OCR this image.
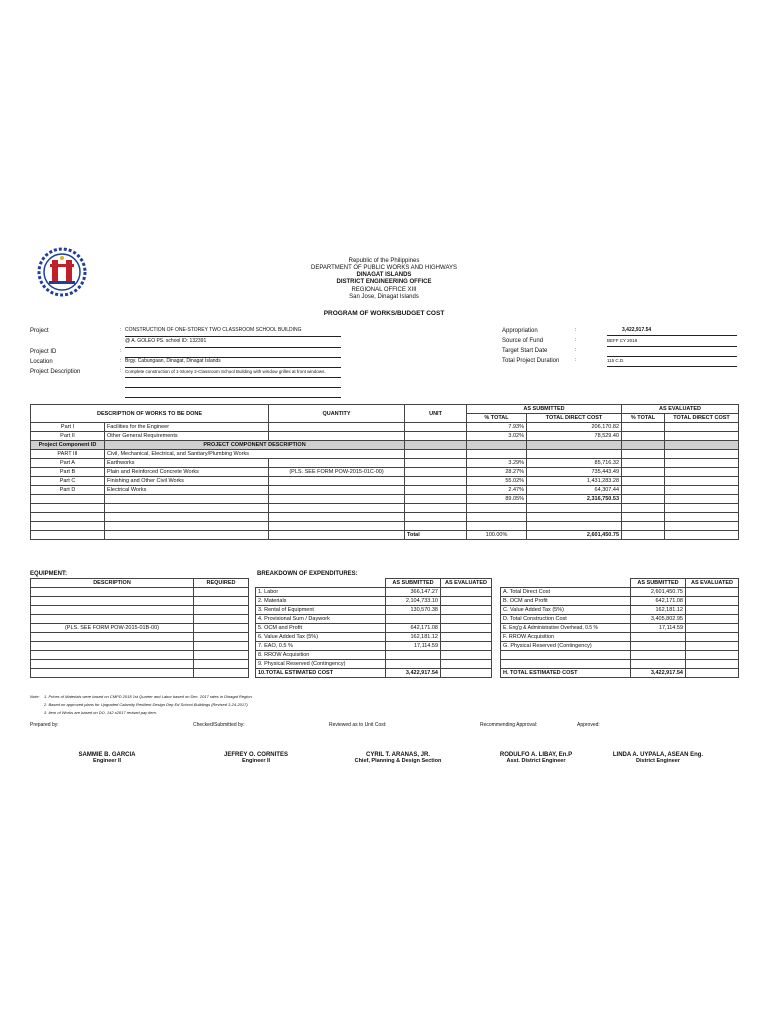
Republic of the Philippines
DEPARTMENT OF PUBLIC WORKS AND HIGHWAYS
DINAGAT ISLANDS
DISTRICT ENGINEERING OFFICE
REGIONAL OFFICE XIII
San Jose, Dinagat Islands
PROGRAM OF WORKS/BUDGET COST
Project	: CONSTRUCTION OF ONE-STOREY TWO CLASSROOM SCHOOL BUILDING
@ A. GOLEO PS. school ID: 132391
Project ID	:
Location	: Brgy. Cabungaan, Dinagat, Dinagat Islands
Project Description	: Complete construction of 1-Storey 2-Classroom School Building with window grilles at front windows.
Appropriation	:	3,422,917.54
Source of Fund	:	BEFF CY 2018
Target Start Date	:
Total Project Duration	:	115 C.D.
DESCRIPTION OF WORKS TO BE DONE		QUANTITY	UNIT	AS SUBMITTED		AS EVALUATED	
				% TOTAL	TOTAL DIRECT COST	% TOTAL	TOTAL DIRECT COST
Part I	Facilities for the Engineer			7.93%	206,170.82		
Part II	Other General Requirements			3.02%	78,529.40		
Project Component ID	PROJECT COMPONENT DESCRIPTION						
PART III	Civil, Mechanical, Electrical, and Sanitary/Plumbing Works						
Part A	Earthworks			3.29%	85,716.32		
Part B	Plain and Reinforced Concrete Works	(PLS. SEE FORM POW-2015-01C-00)		28.27%	735,443.49		
Part C	Finishing and Other Civil Works			55.02%	1,431,283.28		
Part D	Electrical Works			2.47%	64,307.44		
				89.05%	2,316,750.53		

			Total	100.00%	2,601,450.75		
EQUIPMENT:
DESCRIPTION	REQUIRED

(PLS. SEE FORM POW-2015-01B-00)	

BREAKDOWN OF EXPENDITURES:
	AS SUBMITTED	AS EVALUATED
1. Labor	366,147.27	
2. Materials	2,104,733.10	
3. Rental of Equipment	130,570.38	
4. Provisional Sum / Daywork		
5. OCM and Profit	642,171.08	
6. Value Added Tax (5%)	162,181.12	
7. EAO, 0.5 %	17,114.59	
8. RROW Acquisition		
9. Physical Reserved (Contingency)		
10.TOTAL ESTIMATED COST	3,422,917.54	
	AS SUBMITTED	AS EVALUATED
A. Total Direct Cost	2,601,450.75	
B. OCM and Profit	642,171.08	
C. Value Added Tax (5%)	162,181.12	
D. Total Construction Cost	3,405,802.95	
E. Eng'g & Administrative Overhead, 0.5 %	17,114.59	
F. RROW Acquisition		
G. Physical Reserved (Contingency)		

H. TOTAL ESTIMATED COST	3,422,917.54	
Note: 1. Prices of Materials were based on CMPD 2018 1st Quarter and Labor based on Dec. 2017 rates in Dinagat Region.
2. Based on approved plans for Upgraded Calamity Resilient Design Dep Ed School Buildings (Revised 3-24-2017)
3. Item of Works are based on DO. 142 s2017 revised pay item.
Prepared by:	Checked/Submitted by:	Reviewed as to Unit Cost:	Recommending Approval:	Approved:
SAMMIE B. GARCIA
Engineer II
JEFREY O. CORNITES
Engineer II
CYRIL T. ARANAS, JR.
Chief, Planning & Design Section
RODULFO A. LIBAY, En.P
Asst. District Engineer
LINDA A. UYPALA, ASEAN Eng.
District Engineer
